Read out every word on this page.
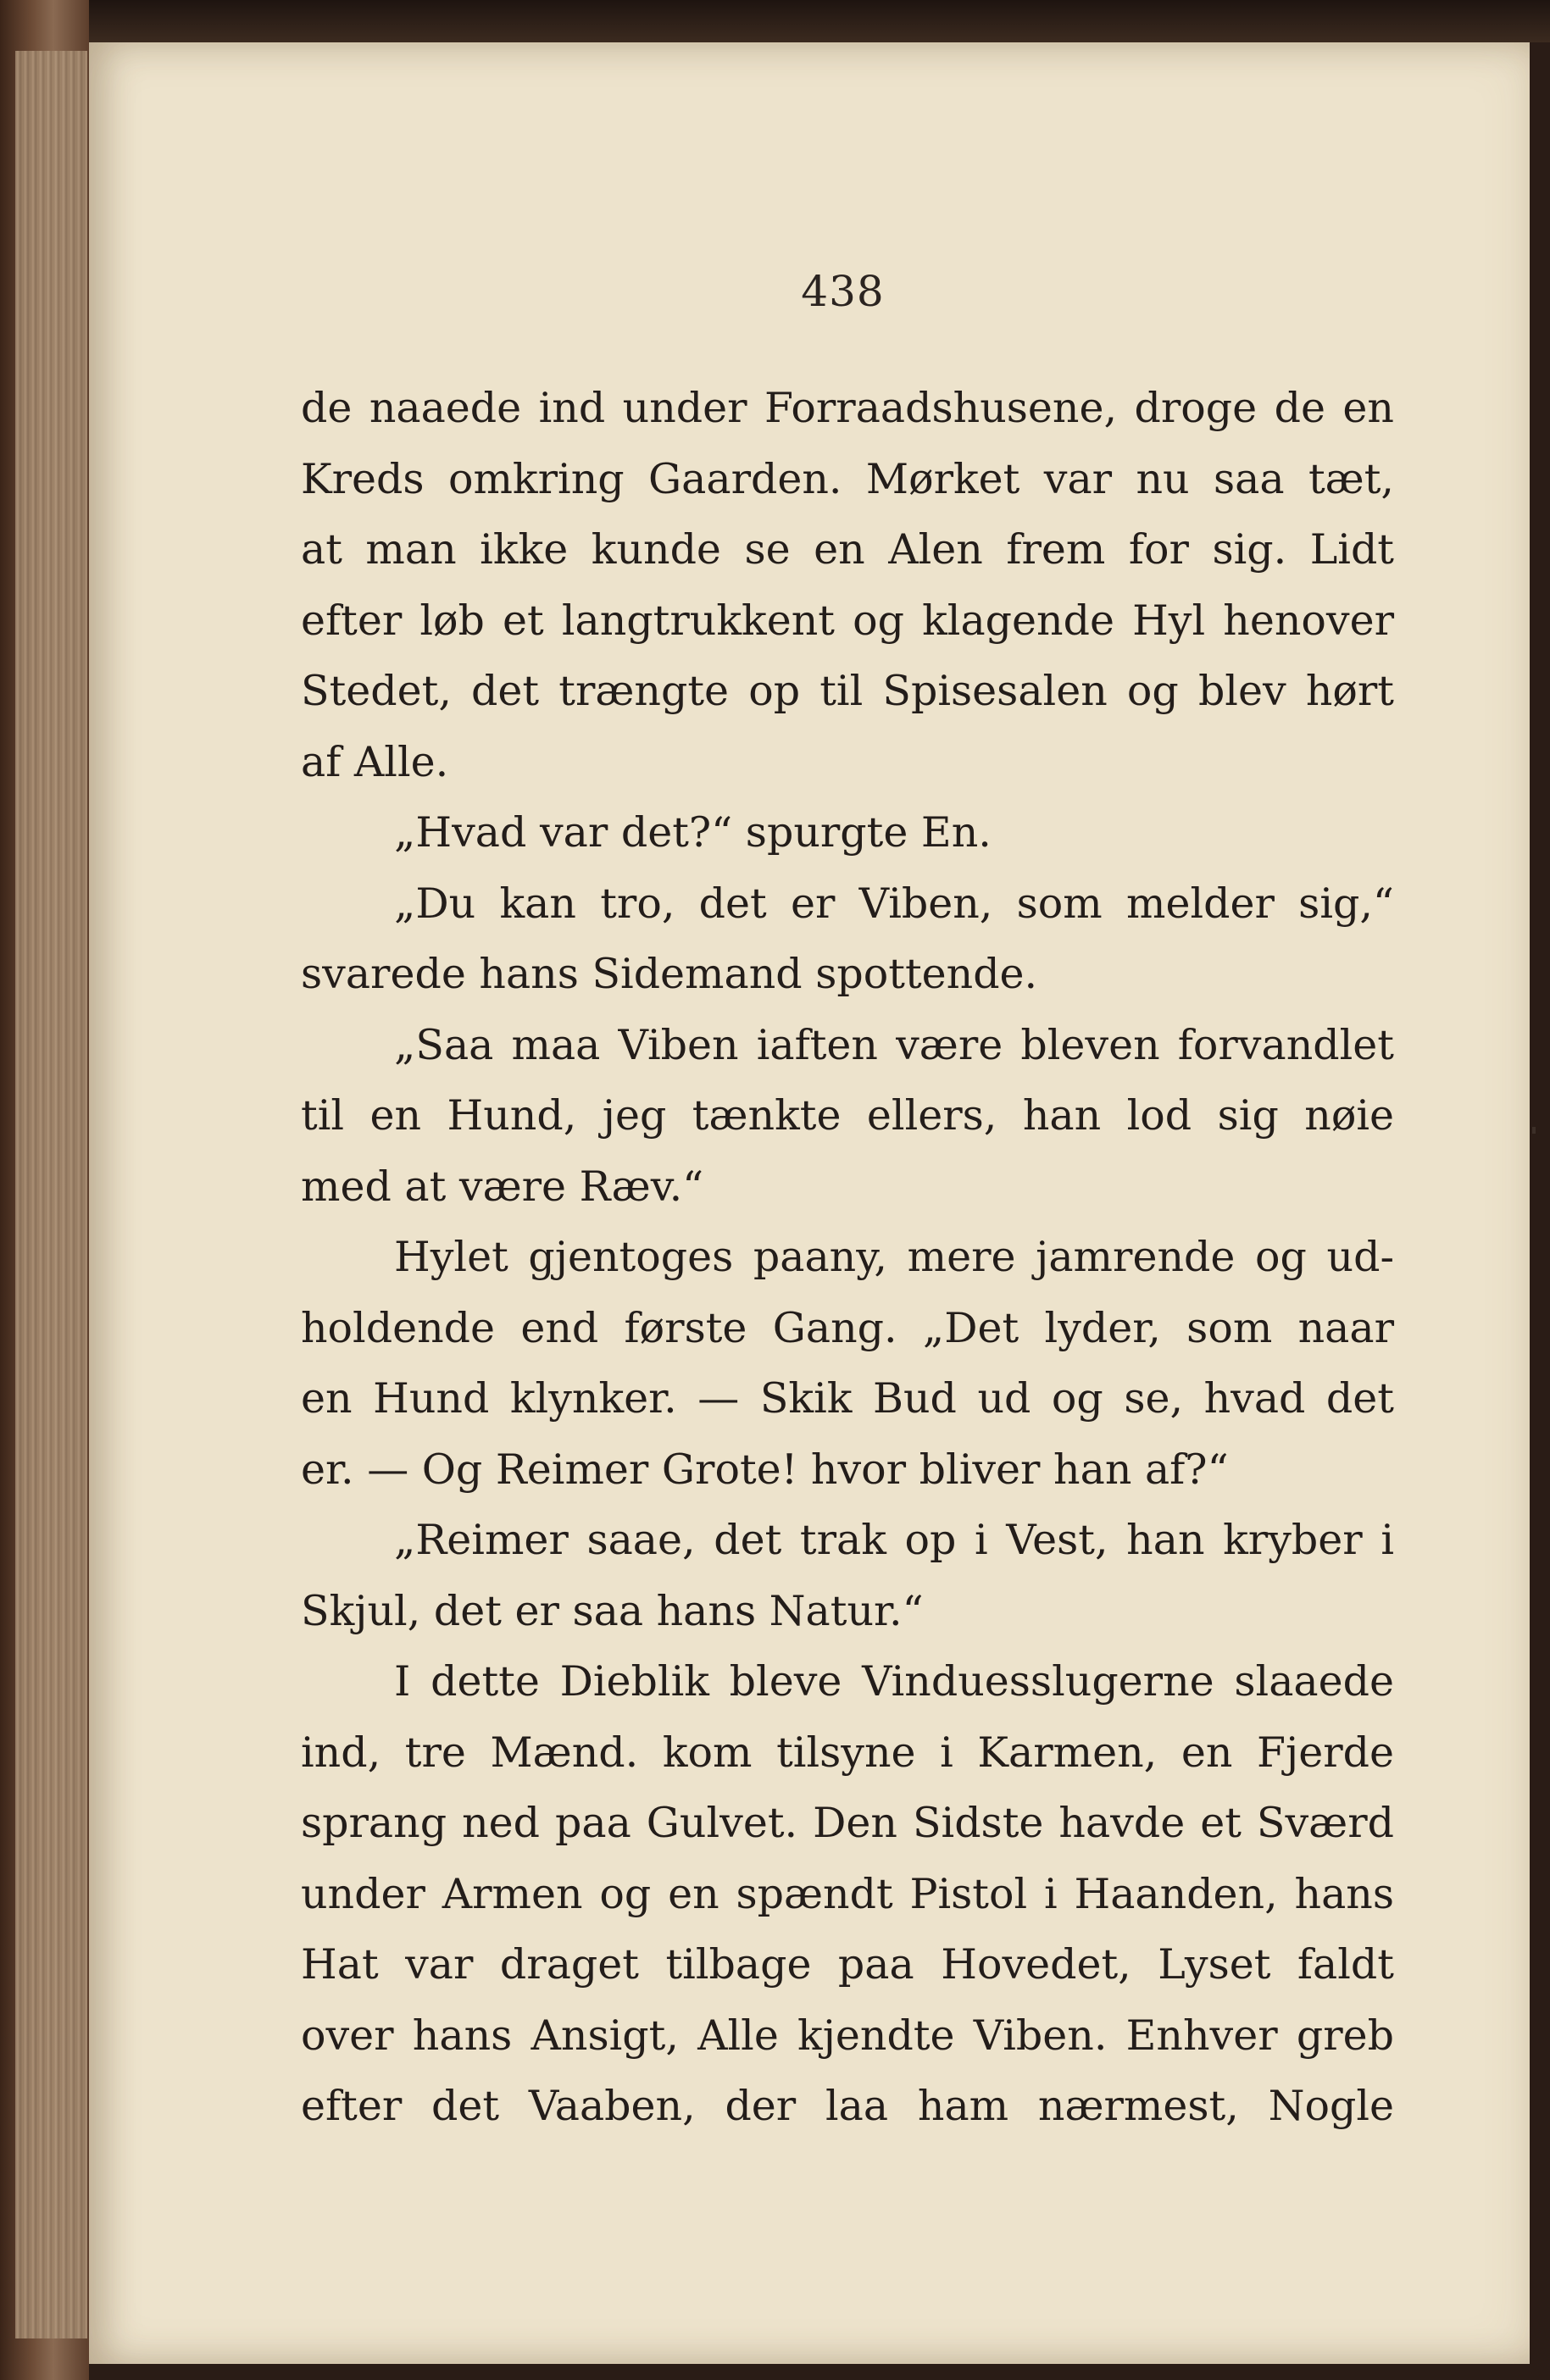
438
de naaede ind under Forraadshusene, droge de en
Kreds omkring Gaarden. Mørket var nu saa tæt,
at man ikke kunde se en Alen frem for sig. Lidt
efter løb et langtrukkent og klagende Hyl henover
Stedet, det trængte op til Spisesalen og blev hørt
af Alle.
„Hvad var det?“ spurgte En.
„Du kan tro, det er Viben, som melder sig,“
svarede hans Sidemand spottende.
„Saa maa Viben iaften være bleven forvandlet
til en Hund, jeg tænkte ellers, han lod sig nøie
med at være Ræv.“
Hylet gjentoges paany, mere jamrende og ud-
holdende end første Gang. „Det lyder, som naar
en Hund klynker. — Skik Bud ud og se, hvad det
er. — Og Reimer Grote! hvor bliver han af?“
„Reimer saae, det trak op i Vest, han kryber i
Skjul, det er saa hans Natur.“
I dette Dieblik bleve Vinduesslugerne slaaede
ind, tre Mænd. kom tilsyne i Karmen, en Fjerde
sprang ned paa Gulvet. Den Sidste havde et Sværd
under Armen og en spændt Pistol i Haanden, hans
Hat var draget tilbage paa Hovedet, Lyset faldt
over hans Ansigt, Alle kjendte Viben. Enhver greb
efter det Vaaben, der laa ham nærmest, Nogle
